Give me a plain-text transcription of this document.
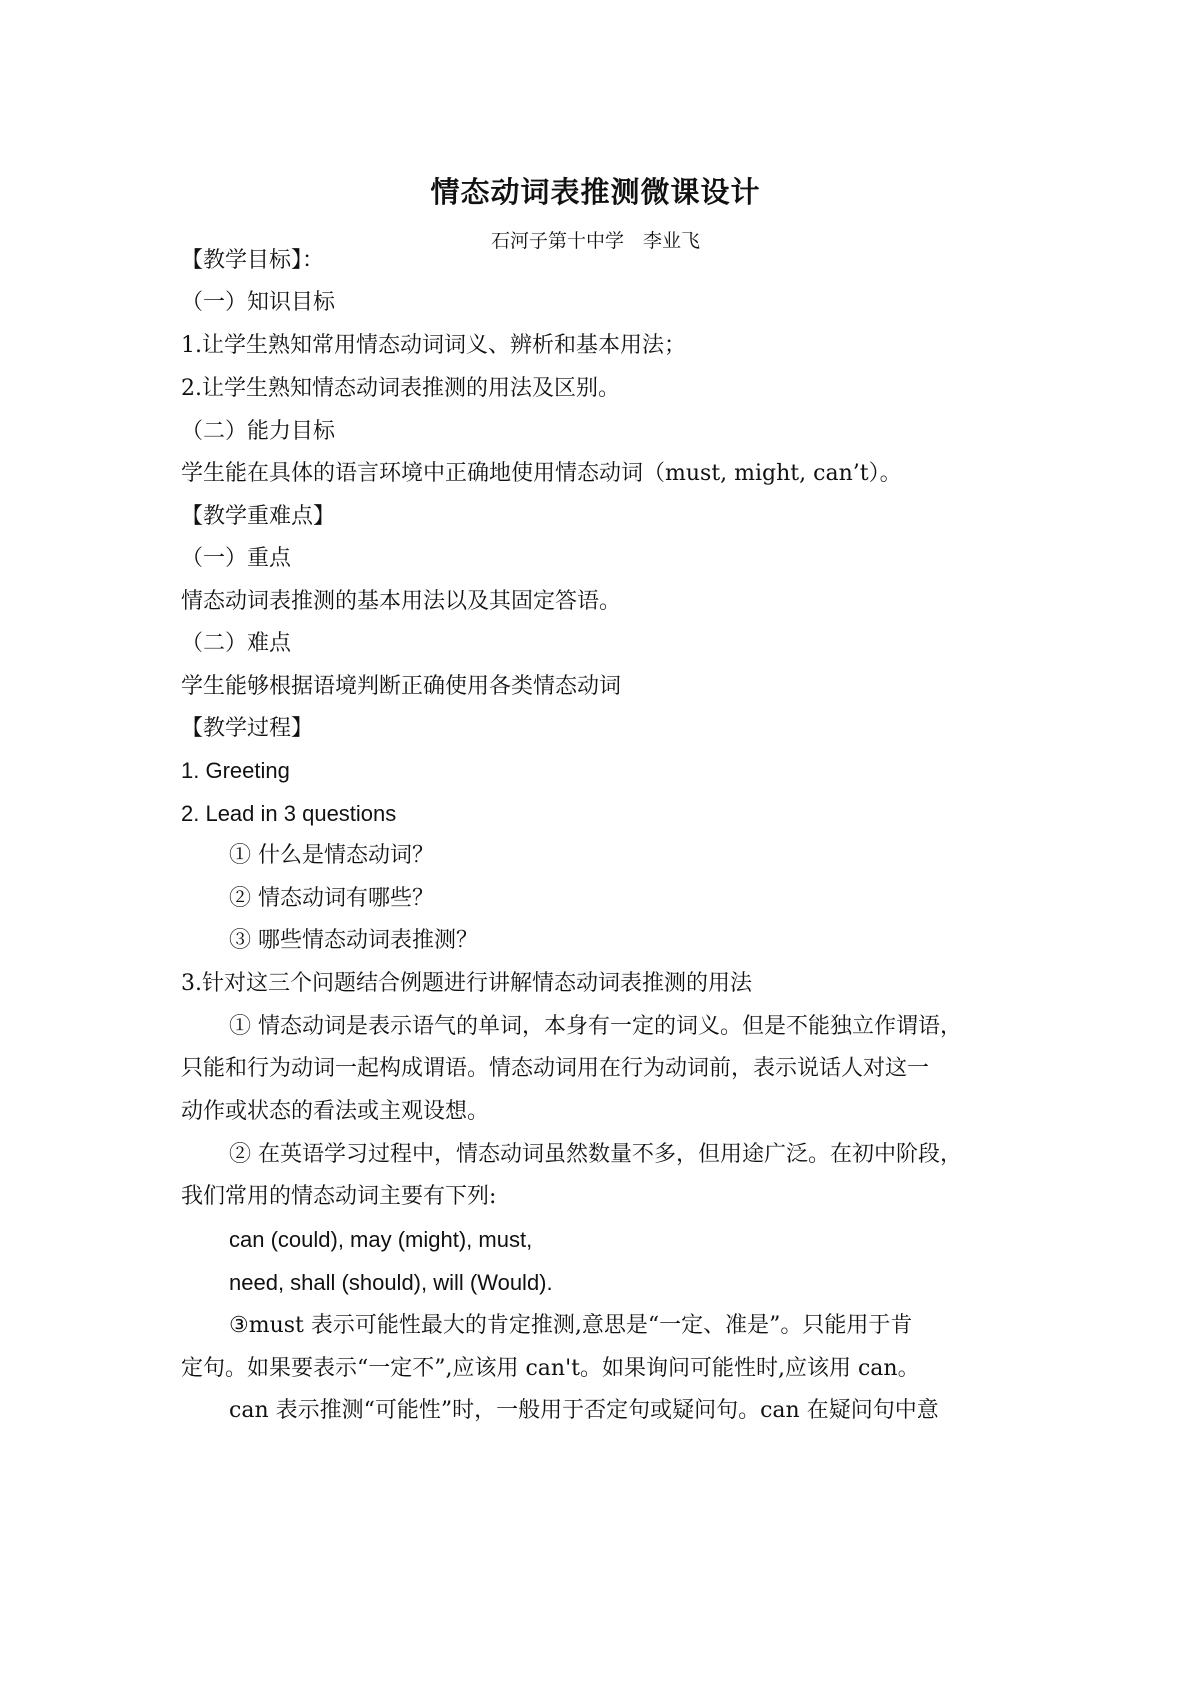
情态动词表推测微课设计
石河子第十中学　李业飞
【教学目标】：
（一）知识目标
1.让学生熟知常用情态动词词义、辨析和基本用法；
2.让学生熟知情态动词表推测的用法及区别。
（二）能力目标
学生能在具体的语言环境中正确地使用情态动词（must, might, can’t）。
【教学重难点】
（一）重点
情态动词表推测的基本用法以及其固定答语。
（二）难点
学生能够根据语境判断正确使用各类情态动词
【教学过程】
1. Greeting
2. Lead in 3 questions
① 什么是情态动词？
② 情态动词有哪些？
③ 哪些情态动词表推测？
3.针对这三个问题结合例题进行讲解情态动词表推测的用法
① 情态动词是表示语气的单词，本身有一定的词义。但是不能独立作谓语，
只能和行为动词一起构成谓语。情态动词用在行为动词前，表示说话人对这一
动作或状态的看法或主观设想。
② 在英语学习过程中，情态动词虽然数量不多，但用途广泛。在初中阶段，
我们常用的情态动词主要有下列:
can (could), may (might), must,
need, shall (should), will (Would).
③must 表示可能性最大的肯定推测,意思是“一定、准是”。只能用于肯
定句。如果要表示“一定不”,应该用 can't。如果询问可能性时,应该用 can。
can 表示推测“可能性”时，一般用于否定句或疑问句。can 在疑问句中意
